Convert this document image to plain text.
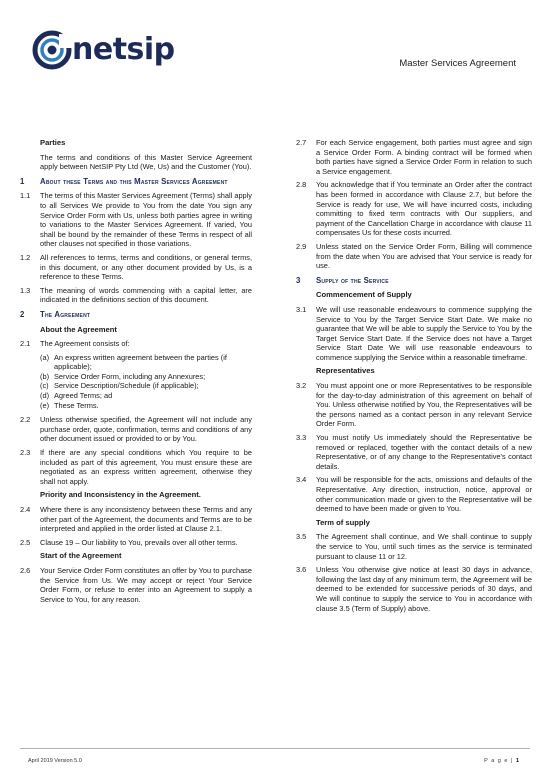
netsip	Master Services Agreement
Parties
The terms and conditions of this Master Service Agreement apply between NetSIP Pty Ltd (We, Us) and the Customer (You).
1	About these Terms and this Master Services Agreement
1.1	The terms of this Master Services Agreement (Terms) shall apply to all Services We provide to You from the date You sign any Service Order Form with Us, unless both parties agree in writing to variations to the Master Services Agreement. If varied, You shall be bound by the remainder of these Terms in respect of all other clauses not specified in those variations.
1.2	All references to terms, terms and conditions, or general terms, in this document, or any other document provided by Us, is a reference to these Terms.
1.3	The meaning of words commencing with a capital letter, are indicated in the definitions section of this document.
2	The Agreement
About the Agreement
2.1	The Agreement consists of:
(a) An express written agreement between the parties (if applicable);
(b) Service Order Form, including any Annexures;
(c) Service Description/Schedule (if applicable);
(d) Agreed Terms; ad
(e) These Terms.
2.2	Unless otherwise specified, the Agreement will not include any purchase order, quote, confirmation, terms and conditions of any other document issued or provided to or by You.
2.3	If there are any special conditions which You require to be included as part of this agreement, You must ensure these are negotiated as an express written agreement, otherwise they shall not apply.
Priority and Inconsistency in the Agreement.
2.4	Where there is any inconsistency between these Terms and any other part of the Agreement, the documents and Terms are to be interpreted and applied in the order listed at Clause 2.1.
2.5	Clause 19 – Our liability to You, prevails over all other terms.
Start of the Agreement
2.6	Your Service Order Form constitutes an offer by You to purchase the Service from Us. We may accept or reject Your Service Order Form, or refuse to enter into an Agreement to supply a Service to You, for any reason.
2.7	For each Service engagement, both parties must agree and sign a Service Order Form. A binding contract will be formed when both parties have signed a Service Order Form in relation to such a Service engagement.
2.8	You acknowledge that if You terminate an Order after the contract has been formed in accordance with Clause 2.7, but before the Service is ready for use, We will have incurred costs, including committing to fixed term contracts with Our suppliers, and payment of the Cancellation Charge in accordance with clause 11 compensates Us for these costs incurred.
2.9	Unless stated on the Service Order Form, Billing will commence from the date when You are advised that Your service is ready for use.
3	Supply of the Service
Commencement of Supply
3.1	We will use reasonable endeavours to commence supplying the Service to You by the Target Service Start Date. We make no guarantee that We will be able to supply the Service to You by the Target Service Start Date. If the Service does not have a Target Service Start Date We will use reasonable endeavours to commence supplying the Service within a reasonable timeframe.
Representatives
3.2	You must appoint one or more Representatives to be responsible for the day-to-day administration of this agreement on behalf of You. Unless otherwise notified by You, the Representatives will be the persons named as a contact person in any relevant Service Order Form.
3.3	You must notify Us immediately should the Representative be removed or replaced, together with the contact details of a new Representative, or of any change to the Representative's contact details.
3.4	You will be responsible for the acts, omissions and defaults of the Representative. Any direction, instruction, notice, approval or other communication made or given to the Representative will be deemed to have been made or given to You.
Term of supply
3.5	The Agreement shall continue, and We shall continue to supply the service to You, until such times as the service is terminated pursuant to clause 11 or 12.
3.6	Unless You otherwise give notice at least 30 days in advance, following the last day of any minimum term, the Agreement will be deemed to be extended for successive periods of 30 days, and We will continue to supply the service to You in accordance with clause 3.5 (Term of Supply) above.
April 2019 Version 5.0	P a g e | 1
